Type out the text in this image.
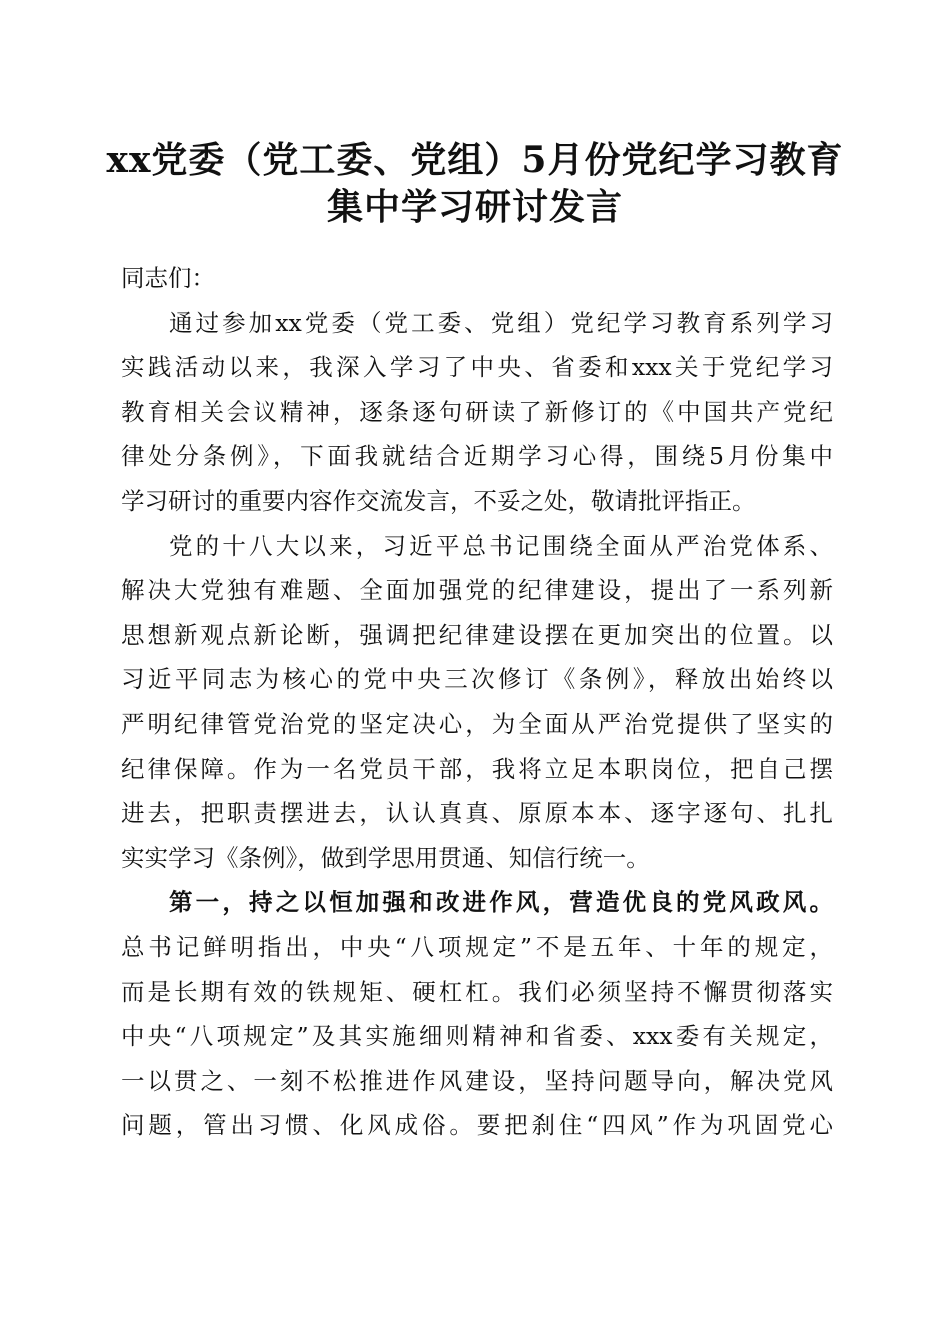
xx党委（党工委、党组）5月份党纪学习教育
集中学习研讨发言
同志们：
通过参加xx党委（党工委、党组）党纪学习教育系列学习
实践活动以来，我深入学习了中央、省委和xxx关于党纪学习
教育相关会议精神，逐条逐句研读了新修订的《中国共产党纪
律处分条例》，下面我就结合近期学习心得，围绕5月份集中
学习研讨的重要内容作交流发言，不妥之处，敬请批评指正。
党的十八大以来，习近平总书记围绕全面从严治党体系、
解决大党独有难题、全面加强党的纪律建设，提出了一系列新
思想新观点新论断，强调把纪律建设摆在更加突出的位置。以
习近平同志为核心的党中央三次修订《条例》，释放出始终以
严明纪律管党治党的坚定决心，为全面从严治党提供了坚实的
纪律保障。作为一名党员干部，我将立足本职岗位，把自己摆
进去，把职责摆进去，认认真真、原原本本、逐字逐句、扎扎
实实学习《条例》，做到学思用贯通、知信行统一。
第一，持之以恒加强和改进作风，营造优良的党风政风。
总书记鲜明指出，中央“八项规定”不是五年、十年的规定，
而是长期有效的铁规矩、硬杠杠。我们必须坚持不懈贯彻落实
中央“八项规定”及其实施细则精神和省委、xxx委有关规定，
一以贯之、一刻不松推进作风建设，坚持问题导向，解决党风
问题，管出习惯、化风成俗。要把刹住“四风”作为巩固党心
